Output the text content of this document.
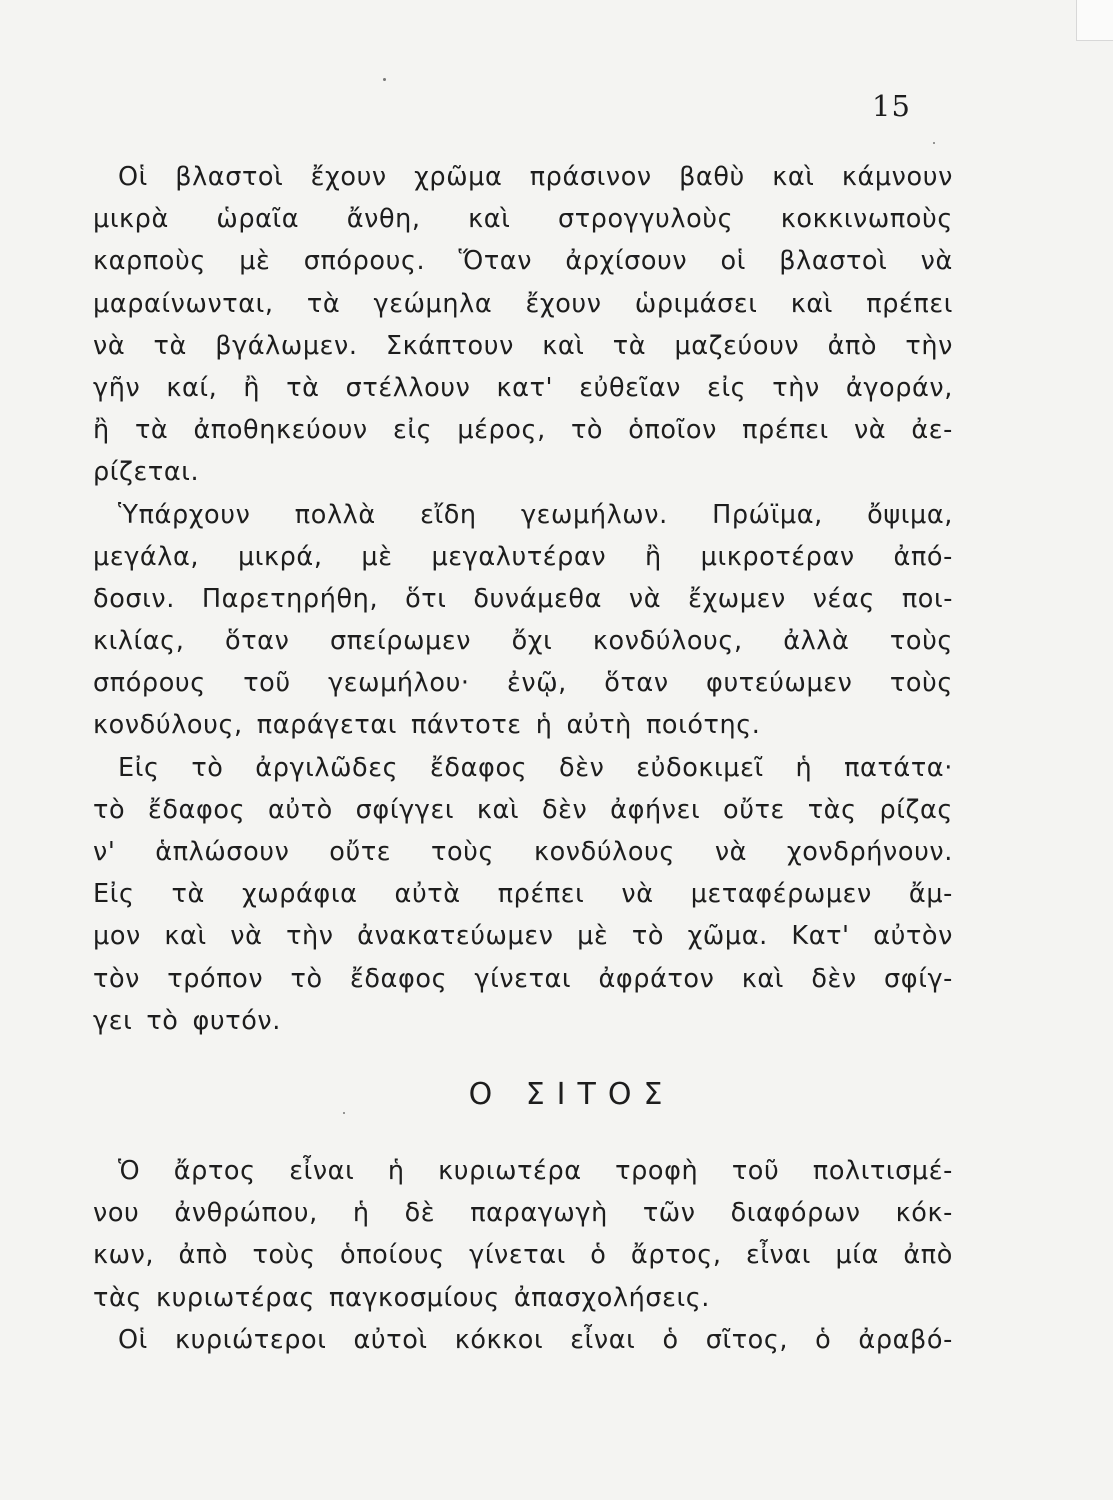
15
Οἱ βλαστοὶ ἔχουν χρῶμα πράσινον βαθὺ καὶ κάμνουν
μικρὰ ὡραῖα ἄνθη, καὶ στρογγυλοὺς κοκκινωποὺς
καρποὺς μὲ σπόρους. Ὅταν ἀρχίσουν οἱ βλαστοὶ νὰ
μαραίνωνται, τὰ γεώμηλα ἔχουν ὡριμάσει καὶ πρέπει
νὰ τὰ βγάλωμεν. Σκάπτουν καὶ τὰ μαζεύουν ἀπὸ τὴν
γῆν καί, ἢ τὰ στέλλουν κατ' εὐθεῖαν εἰς τὴν ἀγοράν,
ἢ τὰ ἀποθηκεύουν εἰς μέρος, τὸ ὁποῖον πρέπει νὰ ἀε-
ρίζεται.
Ὑπάρχουν πολλὰ εἴδη γεωμήλων. Πρώϊμα, ὄψιμα,
μεγάλα, μικρά, μὲ μεγαλυτέραν ἢ μικροτέραν ἀπό-
δοσιν. Παρετηρήθη, ὅτι δυνάμεθα νὰ ἔχωμεν νέας ποι-
κιλίας, ὅταν σπείρωμεν ὄχι κονδύλους, ἀλλὰ τοὺς
σπόρους τοῦ γεωμήλου· ἐνῷ, ὅταν φυτεύωμεν τοὺς
κονδύλους, παράγεται πάντοτε ἡ αὐτὴ ποιότης.
Εἰς τὸ ἀργιλῶδες ἔδαφος δὲν εὐδοκιμεῖ ἡ πατάτα·
τὸ ἔδαφος αὐτὸ σφίγγει καὶ δὲν ἀφήνει οὔτε τὰς ρίζας
ν' ἁπλώσουν οὔτε τοὺς κονδύλους νὰ χονδρήνουν.
Εἰς τὰ χωράφια αὐτὰ πρέπει νὰ μεταφέρωμεν ἄμ-
μον καὶ νὰ τὴν ἀνακατεύωμεν μὲ τὸ χῶμα. Κατ' αὐτὸν
τὸν τρόπον τὸ ἔδαφος γίνεται ἀφράτον καὶ δὲν σφίγ-
γει τὸ φυτόν.
Ο ΣΙΤΟΣ
Ὁ ἄρτος εἶναι ἡ κυριωτέρα τροφὴ τοῦ πολιτισμέ-
νου ἀνθρώπου, ἡ δὲ παραγωγὴ τῶν διαφόρων κόκ-
κων, ἀπὸ τοὺς ὁποίους γίνεται ὁ ἄρτος, εἶναι μία ἀπὸ
τὰς κυριωτέρας παγκοσμίους ἀπασχολήσεις.
Οἱ κυριώτεροι αὐτοὶ κόκκοι εἶναι ὁ σῖτος, ὁ ἀραβό-
